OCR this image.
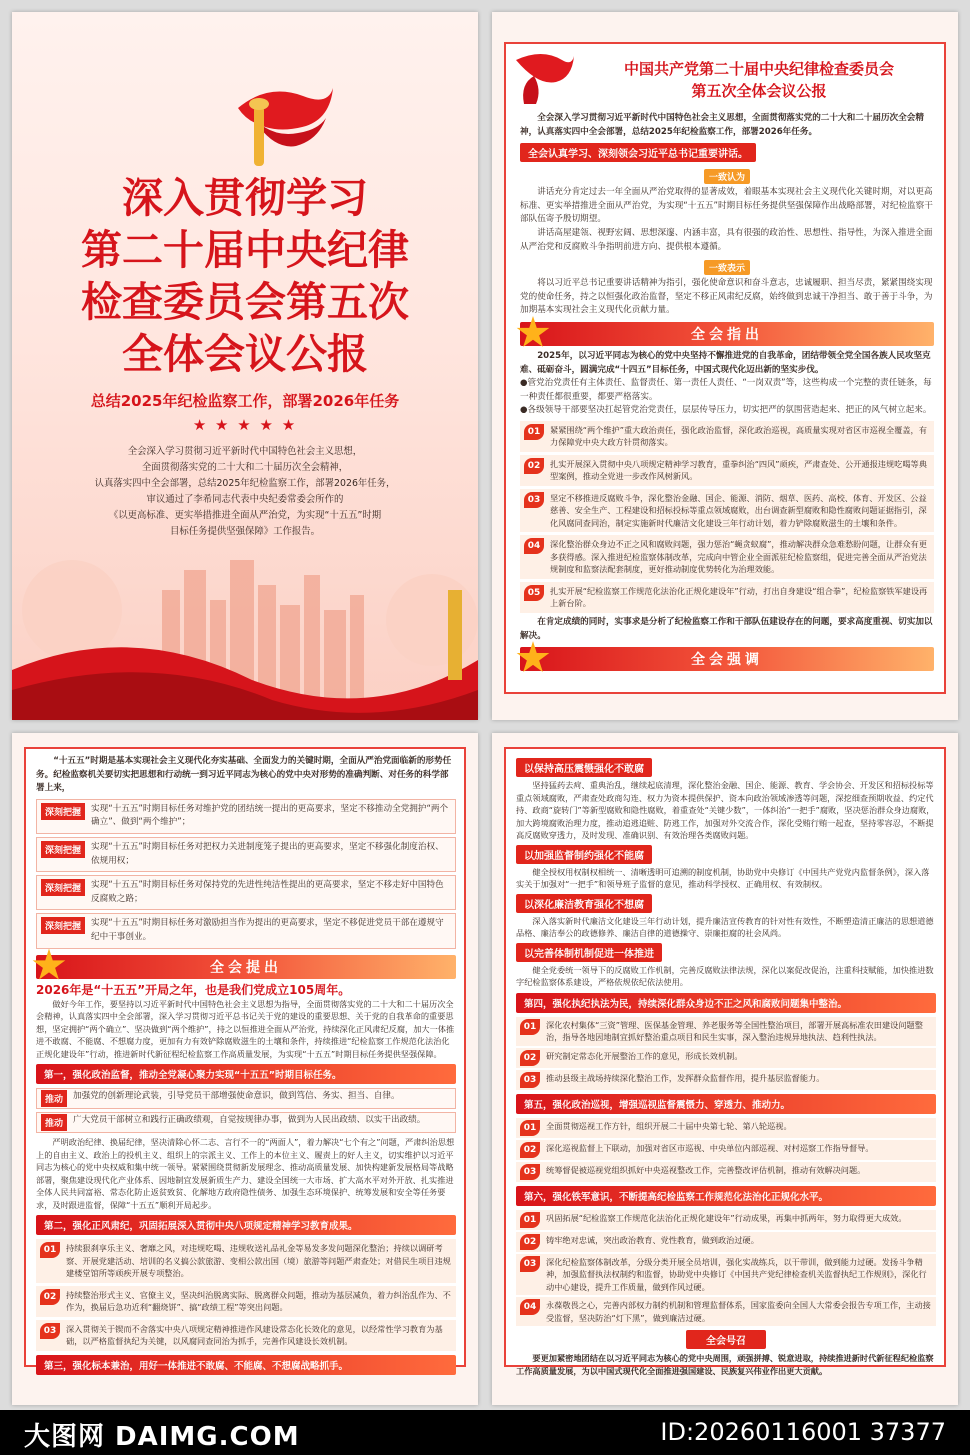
深入贯彻学习
第二十届中央纪律
检查委员会第五次
全体会议公报
总结2025年纪检监察工作，部署2026年任务
★ ★ ★ ★ ★
全会深入学习贯彻习近平新时代中国特色社会主义思想，
全面贯彻落实党的二十大和二十届历次全会精神，
认真落实四中全会部署，总结2025年纪检监察工作，部署2026年任务，
审议通过了李希同志代表中央纪委常委会所作的
《以更高标准、更实举措推进全面从严治党，为实现“十五五”时期
目标任务提供坚强保障》工作报告。
中国共产党第二十届中央纪律检查委员会
第五次全体会议公报
全会深入学习贯彻习近平新时代中国特色社会主义思想，全面贯彻落实党的二十大和二十届历次全会精神，认真落实四中全会部署，总结2025年纪检监察工作，部署2026年任务。
全会认真学习、深刻领会习近平总书记重要讲话。
一致认为
讲话充分肯定过去一年全面从严治党取得的显著成效，着眼基本实现社会主义现代化关键时期，对以更高标准、更实举措推进全面从严治党，为实现“十五五”时期目标任务提供坚强保障作出战略部署，对纪检监察干部队伍寄予殷切期望。
讲话高屋建瓴、视野宏阔、思想深邃、内涵丰富，具有很强的政治性、思想性、指导性，为深入推进全面从严治党和反腐败斗争指明前进方向、提供根本遵循。
一致表示
将以习近平总书记重要讲话精神为指引，强化使命意识和奋斗意志，忠诚履职、担当尽责，紧紧围绕实现党的使命任务，持之以恒强化政治监督，坚定不移正风肃纪反腐，始终做到忠诚干净担当、敢于善于斗争，为加期基本实现社会主义现代化贡献力量。
全会指出
2025年，以习近平同志为核心的党中央坚持不懈推进党的自我革命，团结带领全党全国各族人民攻坚克难、砥砺奋斗，圆满完成“十四五”目标任务，中国式现代化迈出新的坚实步伐。
●管党治党责任有主体责任、监督责任、第一责任人责任、“一岗双责”等，这些构成一个完整的责任链条，每一种责任都很重要，都要严格落实。
●各级领导干部要坚决扛起管党治党责任，层层传导压力，切实把严的氛围营造起来、把正的风气树立起来。
01	紧紧围绕“两个维护”重大政治责任，强化政治监督，深化政治巡视，高质量实现对省区市巡视全覆盖，有力保障党中央大政方针贯彻落实。
02	扎实开展深入贯彻中央八项规定精神学习教育，重拳纠治“四风”顽疾，严肃查处、公开通报违规吃喝等典型案例，推动全党进一步改作风树新风。
03	坚定不移推进反腐败斗争，深化整治金融、国企、能源、消防、烟草、医药、高校、体育、开发区、公益慈善、安全生产、工程建设和招标投标等重点领域腐败，出台调查新型腐败和隐性腐败问题证据指引，深化风腐同查同治，制定实施新时代廉洁文化建设三年行动计划，着力铲除腐败滋生的土壤和条件。
04	深化整治群众身边不正之风和腐败问题，强力惩治“蝇贪蚁腐”，推动解决群众急难愁盼问题，让群众有更多获得感。深入推进纪检监察体制改革，完成向中管企业全面派驻纪检监察组，促进完善全面从严治党法规制度和监察法配套制度，更好推动制度优势转化为治理效能。
05	扎实开展“纪检监察工作规范化法治化正规化建设年”行动，打出自身建设“组合拳”，纪检监察铁军建设再上新台阶。
在肯定成绩的同时，实事求是分析了纪检监察工作和干部队伍建设存在的问题，要求高度重视、切实加以解决。
全会强调
“十五五”时期是基本实现社会主义现代化夯实基础、全面发力的关键时期，全面从严治党面临新的形势任务。纪检监察机关要切实把思想和行动统一到习近平同志为核心的党中央对形势的准确判断、对任务的科学部署上来，
深刻把握	实现“十五五”时期目标任务对维护党的团结统一提出的更高要求，坚定不移推动全党拥护“两个确立”、做到“两个维护”；
深刻把握	实现“十五五”时期目标任务对把权力关进制度笼子提出的更高要求，坚定不移强化制度治权、依规用权；
深刻把握	实现“十五五”时期目标任务对保持党的先进性纯洁性提出的更高要求，坚定不移走好中国特色反腐败之路；
深刻把握	实现“十五五”时期目标任务对激励担当作为提出的更高要求，坚定不移促进党员干部在遵规守纪中干事创业。
全会提出
2026年是“十五五”开局之年，也是我们党成立105周年。
做好今年工作，要坚持以习近平新时代中国特色社会主义思想为指导，全面贯彻落实党的二十大和二十届历次全会精神，认真落实四中全会部署，深入学习贯彻习近平总书记关于党的建设的重要思想、关于党的自我革命的重要思想，坚定拥护“两个确立”、坚决做到“两个维护”，持之以恒推进全面从严治党，持续深化正风肃纪反腐，加大一体推进不敢腐、不能腐、不想腐力度，更加有力有效铲除腐败滋生的土壤和条件，持续推进“纪检监察工作规范化法治化正规化建设年”行动，推进新时代新征程纪检监察工作高质量发展，为实现“十五五”时期目标任务提供坚强保障。
第一，强化政治监督，推动全党凝心聚力实现“十五五”时期目标任务。
推动	加强党的创新理论武装，引导党员干部增强使命意识，做到笃信、务实、担当、自律。
推动	广大党员干部树立和践行正确政绩观，自觉按规律办事，做到为人民出政绩、以实干出政绩。
严明政治纪律、换届纪律，坚决清除心怀二志、言行不一的“两面人”，着力解决“七个有之”问题，严肃纠治思想上的自由主义、政治上的投机主义、组织上的宗派主义、工作上的本位主义、履责上的好人主义，切实维护以习近平同志为核心的党中央权威和集中统一领导。紧紧围绕贯彻新发展理念、推动高质量发展、加快构建新发展格局等战略部署，聚焦建设现代化产业体系、因地制宜发展新质生产力、建设全国统一大市场、扩大高水平对外开放、扎实推进全体人民共同富裕、常态化防止返贫致贫、化解地方政府隐性债务、加强生态环境保护、统筹发展和安全等任务要求，及时跟进监督，保障“十五五”顺利开局起步。
第二，强化正风肃纪，巩固拓展深入贯彻中央八项规定精神学习教育成果。
01	持续狠刹享乐主义、奢靡之风，对违规吃喝、违规收送礼品礼金等易发多发问题深化整治；持续以调研考察、开展党建活动、培训的名义搞公款旅游、变相公款出国（境）旅游等问题严肃查处；对借民生项目违规建楼堂馆所等顽疾开展专项整治。
02	持续整治形式主义、官僚主义，坚决纠治脱离实际、脱离群众问题，推动为基层减负，着力纠治乱作为、不作为，换届后急功近利“翻烧饼”、搞“政绩工程”等突出问题。
03	深入贯彻关于锲而不舍落实中央八项规定精神推进作风建设常态化长效化的意见，以经常性学习教育为基础，以严格监督执纪为关键，以风腐同查同治为抓手，完善作风建设长效机制。
第三，强化标本兼治，用好一体推进不敢腐、不能腐、不想腐战略抓手。
以保持高压震慑强化不敢腐
坚持猛药去疴、重典治乱，继续起底清理，深化整治金融、国企、能源、教育、学会协会、开发区和招标投标等重点领域腐败，严肃查处政商勾连、权力为资本提供保护、资本向政治领域渗透等问题，深挖细查预期收益、约定代持、政商“旋转门”等新型腐败和隐性腐败，着重查处“关键少数”，一体纠治“一把手”腐败，坚决惩治群众身边腐败，加大跨境腐败治理力度，推动追逃追赃、防逃工作，加强对外交流合作，深化受贿行贿一起查，坚持零容忍，不断提高反腐败穿透力，及时发现、准确识别、有效治理各类腐败问题。
以加强监督制约强化不能腐
健全授权用权制权相统一、清晰透明可追溯的制度机制，协助党中央修订《中国共产党党内监督条例》，深入落实关于加强对“一把手”和领导班子监督的意见，推动科学授权、正确用权、有效制权。
以深化廉洁教育强化不想腐
深入落实新时代廉洁文化建设三年行动计划，提升廉洁宣传教育的针对性有效性，不断塑造清正廉洁的思想道德品格、廉洁奉公的政德修养、廉洁自律的道德操守、崇廉拒腐的社会风尚。
以完善体制机制促进一体推进
健全党委统一领导下的反腐败工作机制，完善反腐败法律法规，深化以案促改促治，注重科技赋能，加快推进数字纪检监察体系建设，严格依规依纪依法使用。
第四，强化执纪执法为民，持续深化群众身边不正之风和腐败问题集中整治。
01	深化农村集体“三资”管理、医保基金管理、养老服务等全国性整治项目，部署开展高标准农田建设问题整治，指导各地因地制宜抓好整治重点项目和民生实事，深入整治违规异地执法、趋利性执法。
02	研究制定常态化开展整治工作的意见，形成长效机制。
03	推动县级主战场持续深化整治工作，发挥群众监督作用，提升基层监督能力。
第五，强化政治巡视，增强巡视监督震慑力、穿透力、推动力。
01	全面贯彻巡视工作方针，组织开展二十届中央第七轮、第八轮巡视。
02	深化巡视监督上下联动，加强对省区市巡视、中央单位内部巡视、对村巡察工作指导督导。
03	统筹督促被巡视党组织抓好中央巡视整改工作，完善整改评估机制，推动有效解决问题。
第六，强化铁军意识，不断提高纪检监察工作规范化法治化正规化水平。
01	巩固拓展“纪检监察工作规范化法治化正规化建设年”行动成果，再集中抓两年，努力取得更大成效。
02	铸牢绝对忠诚，突出政治教育、党性教育，做到政治过硬。
03	深化纪检监察体制改革，分级分类开展全员培训，强化实战练兵，以干带训，做到能力过硬。发扬斗争精神，加强监督执法权制约和监督，协助党中央修订《中国共产党纪律检查机关监督执纪工作规则》，深化行动中心建设，提升工作质量，做到作风过硬。
04	永葆敬畏之心，完善内部权力制约机制和管理监督体系，国家监委向全国人大常委会报告专项工作，主动接受监督，坚决防治“灯下黑”，做到廉洁过硬。
全会号召
要更加紧密地团结在以习近平同志为核心的党中央周围，顽强拼搏、锐意进取，持续推进新时代新征程纪检监察工作高质量发展，为以中国式现代化全面推进强国建设、民族复兴伟业作出更大贡献。
大图网 DAIMG.COM	ID:20260116001 37377
